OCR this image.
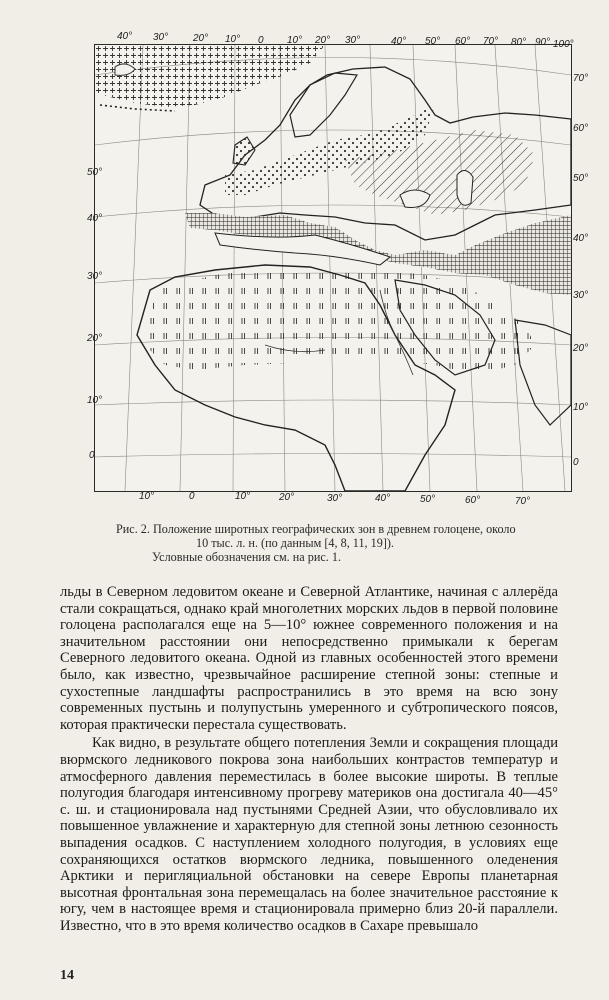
40° 30° 20° 10° 0 10° 20° 30°	40° 50° 60° 70° 80° 90° 100°
10°	0	10°	20°	30°	40°	50°	60°	70°
70°
60°
50°
40°
30°
20°
10°
0
50°
40°
30°
20°
10°
0
Рис. 2. Положение широтных географических зон в древнем голоцене, около
10 тыс. л. н. (по данным [4, 8, 11, 19]).
Условные обозначения см. на рис. 1.

льды в Северном ледовитом океане и Северной Атлантике, начиная с аллерёда стали сокращаться, однако край многолетних морских льдов в первой половине голоцена располагался еще на 5—10° южнее современного положения и на значительном расстоянии они непосредственно примыкали к берегам Северного ледовитого океана. Одной из главных особенностей этого времени было, как известно, чрезвычайное расширение степной зоны: степные и сухостепные ландшафты распространились в это время на всю зону современных пустынь и полупустынь умеренного и субтропического поясов, которая практически перестала существовать.

Как видно, в результате общего потепления Земли и сокращения площади вюрмского ледникового покрова зона наибольших контрастов температур и атмосферного давления переместилась в более высокие широты. В теплые полугодия благодаря интенсивному прогреву материков она достигала 40—45° с. ш. и стационировала над пустынями Средней Азии, что обусловливало их повышенное увлажнение и характерную для степной зоны летнюю сезонность выпадения осадков. С наступлением холодного полугодия, в условиях еще сохраняющихся остатков вюрмского ледника, повышенного оледенения Арктики и перигляциальной обстановки на севере Европы планетарная высотная фронтальная зона перемещалась на более значительное расстояние к югу, чем в настоящее время и стационировала примерно близ 20-й параллели. Известно, что в это время количество осадков в Сахаре превышало

14
